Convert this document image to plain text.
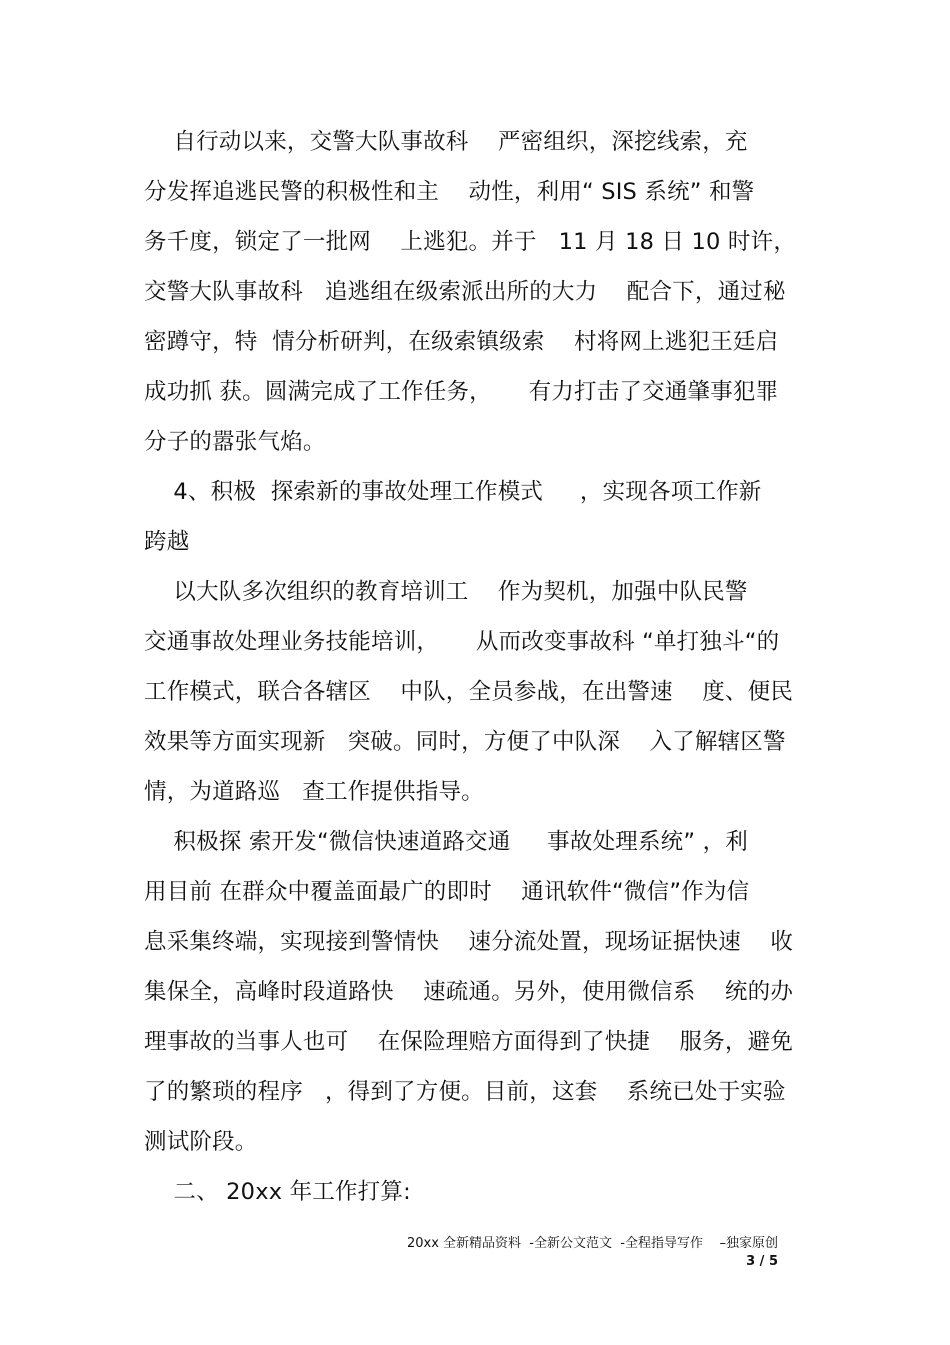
自行动以来，交警大队事故科    严密组织，深挖线索，充
分发挥追逃民警的积极性和主    动性，利用“ SIS 系统” 和警
务千度，锁定了一批网    上逃犯。并于   11 月 18 日 10 时许，
交警大队事故科   追逃组在级索派出所的大力    配合下，通过秘
密蹲守，特  情分析研判，在级索镇级索    村将网上逃犯王廷启
成功抓 获。圆满完成了工作任务，     有力打击了交通肇事犯罪
分子的嚣张气焰。
4、积极  探索新的事故处理工作模式     ，实现各项工作新
跨越
以大队多次组织的教育培训工    作为契机，加强中队民警
交通事故处理业务技能培训，     从而改变事故科 “单打独斗“的
工作模式，联合各辖区    中队，全员参战，在出警速    度、便民
效果等方面实现新   突破。同时，方便了中队深    入了解辖区警
情，为道路巡   查工作提供指导。
积极探 索开发“微信快速道路交通     事故处理系统” ，利
用目前 在群众中覆盖面最广的即时    通讯软件“微信”作为信
息采集终端，实现接到警情快    速分流处置，现场证据快速    收
集保全，高峰时段道路快    速疏通。另外，使用微信系    统的办
理事故的当事人也可    在保险理赔方面得到了快捷    服务，避免
了的繁琐的程序   ，得到了方便。目前，这套    系统已处于实验
测试阶段。
二、 20xx 年工作打算:
20xx 全新精品资料  -全新公文范文  -全程指导写作    –独家原创
3 / 5
